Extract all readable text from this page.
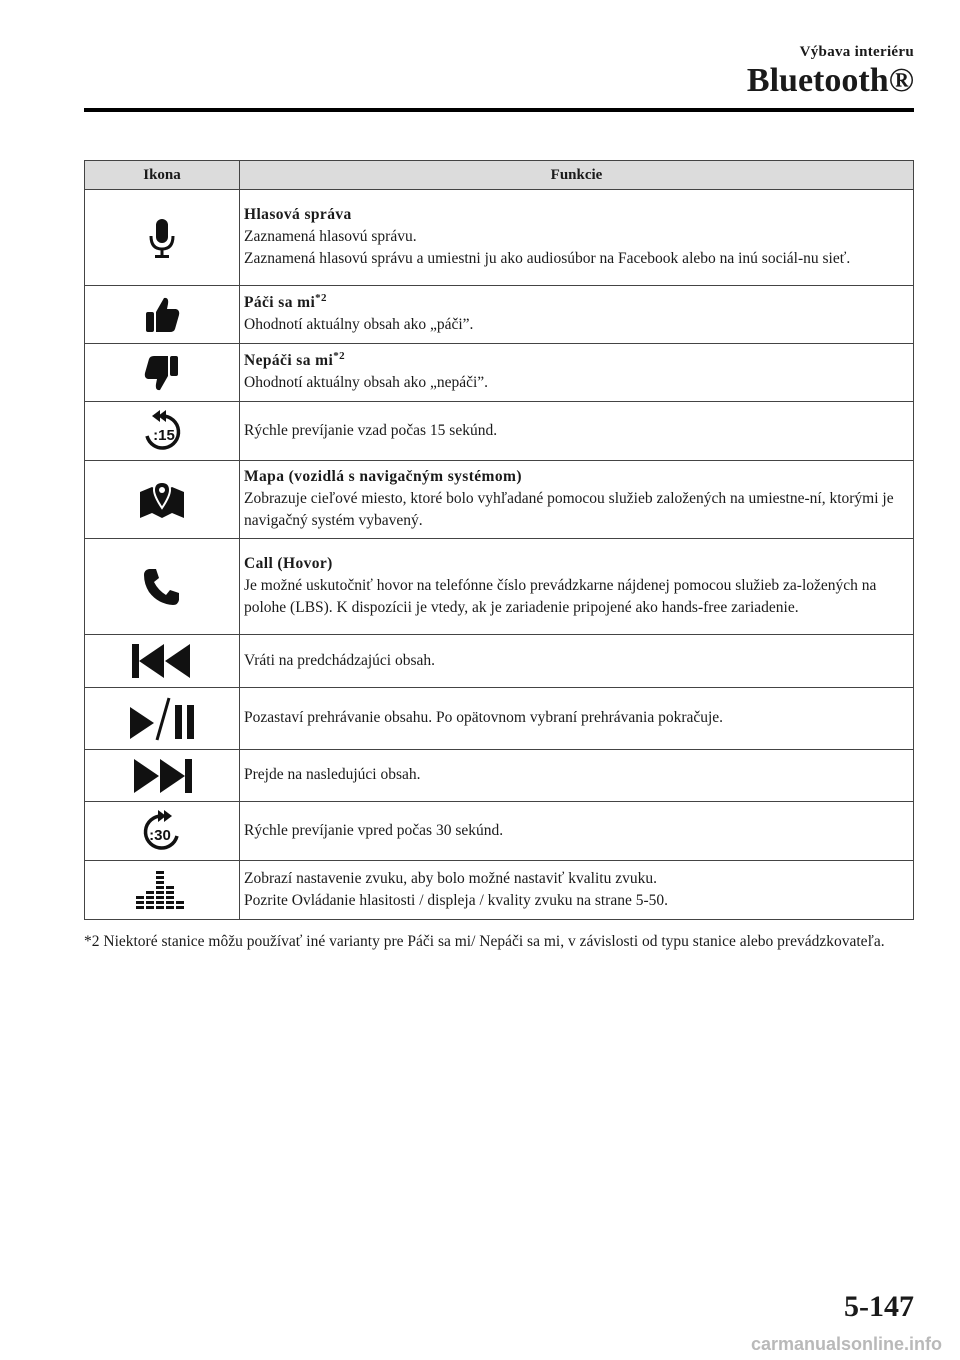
Výbava interiéru
Bluetooth®
Ikona	Funkcie

Hlasová správa
Zaznamená hlasovú správu.
Zaznamená hlasovú správu a umiestni ju ako audiosúbor na Facebook alebo na inú sociál-nu sieť.

Páči sa $mi^{*2}$
Ohodnotí aktuálny obsah ako „páči”.

Nepáči sa $mi^{*2}$
Ohodnotí aktuálny obsah ako „nepáči”.

:15	Rýchle prevíjanie vzad počas 15 sekúnd.

Mapa (vozidlá s navigačným systémom)
Zobrazuje cieľové miesto, ktoré bolo vyhľadané pomocou služieb založených na umiestne-ní, ktorými je navigačný systém vybavený.

Call (Hovor)
Je možné uskutočniť hovor na telefónne číslo prevádzkarne nájdenej pomocou služieb za-ložených na polohe (LBS). K dispozícii je vtedy, ak je zariadenie pripojené ako hands-free zariadenie.

Vráti na predchádzajúci obsah.

Pozastaví prehrávanie obsahu. Po opätovnom vybraní prehrávania pokračuje.

Prejde na nasledujúci obsah.

:30	Rýchle prevíjanie vpred počas 30 sekúnd.

Zobrazí nastavenie zvuku, aby bolo možné nastaviť kvalitu zvuku.
Pozrite Ovládanie hlasitosti / displeja / kvality zvuku na strane 5-50.
*2 Niektoré stanice môžu používať iné varianty pre Páči sa mi/ Nepáči sa mi, v závislosti od typu stanice alebo prevádzkovateľa.
5-147
carmanualsonline.info
